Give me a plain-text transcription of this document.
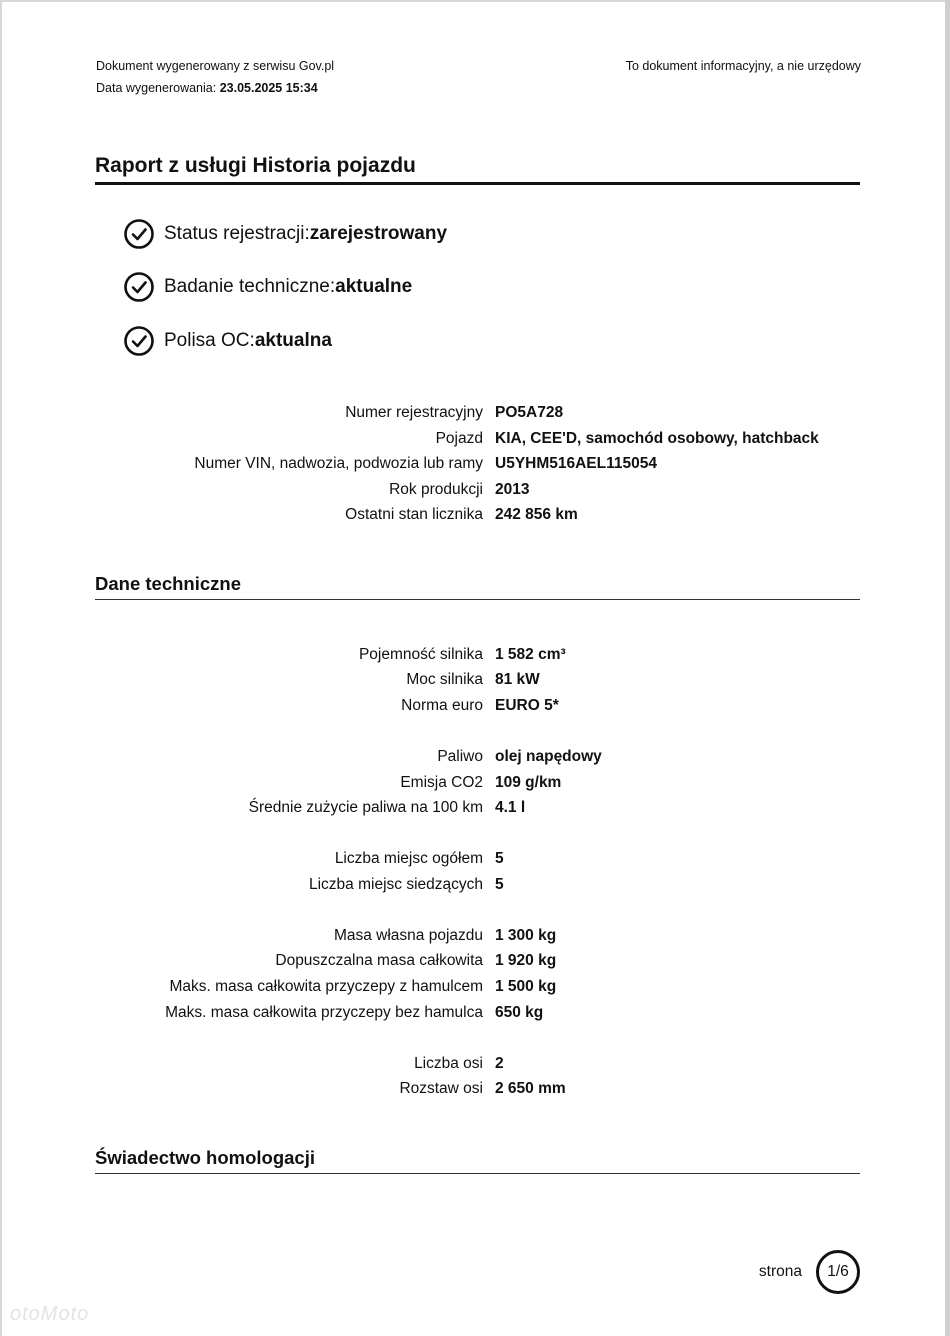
Dokument wygenerowany z serwisu Gov.pl
Data wygenerowania: 23.05.2025 15:34
To dokument informacyjny, a nie urzędowy
Raport z usługi Historia pojazdu
Status rejestracji: zarejestrowany
Badanie techniczne: aktualne
Polisa OC: aktualna
Numer rejestracyjny PO5A728
Pojazd KIA, CEE'D, samochód osobowy, hatchback
Numer VIN, nadwozia, podwozia lub ramy U5YHM516AEL115054
Rok produkcji 2013
Ostatni stan licznika 242 856 km
Dane techniczne
Pojemność silnika 1 582 cm³
Moc silnika 81 kW
Norma euro EURO 5*
Paliwo olej napędowy
Emisja CO2 109 g/km
Średnie zużycie paliwa na 100 km 4.1 l
Liczba miejsc ogółem 5
Liczba miejsc siedzących 5
Masa własna pojazdu 1 300 kg
Dopuszczalna masa całkowita 1 920 kg
Maks. masa całkowita przyczepy z hamulcem 1 500 kg
Maks. masa całkowita przyczepy bez hamulca 650 kg
Liczba osi 2
Rozstaw osi 2 650 mm
Świadectwo homologacji
strona	1/6
otoMoto
